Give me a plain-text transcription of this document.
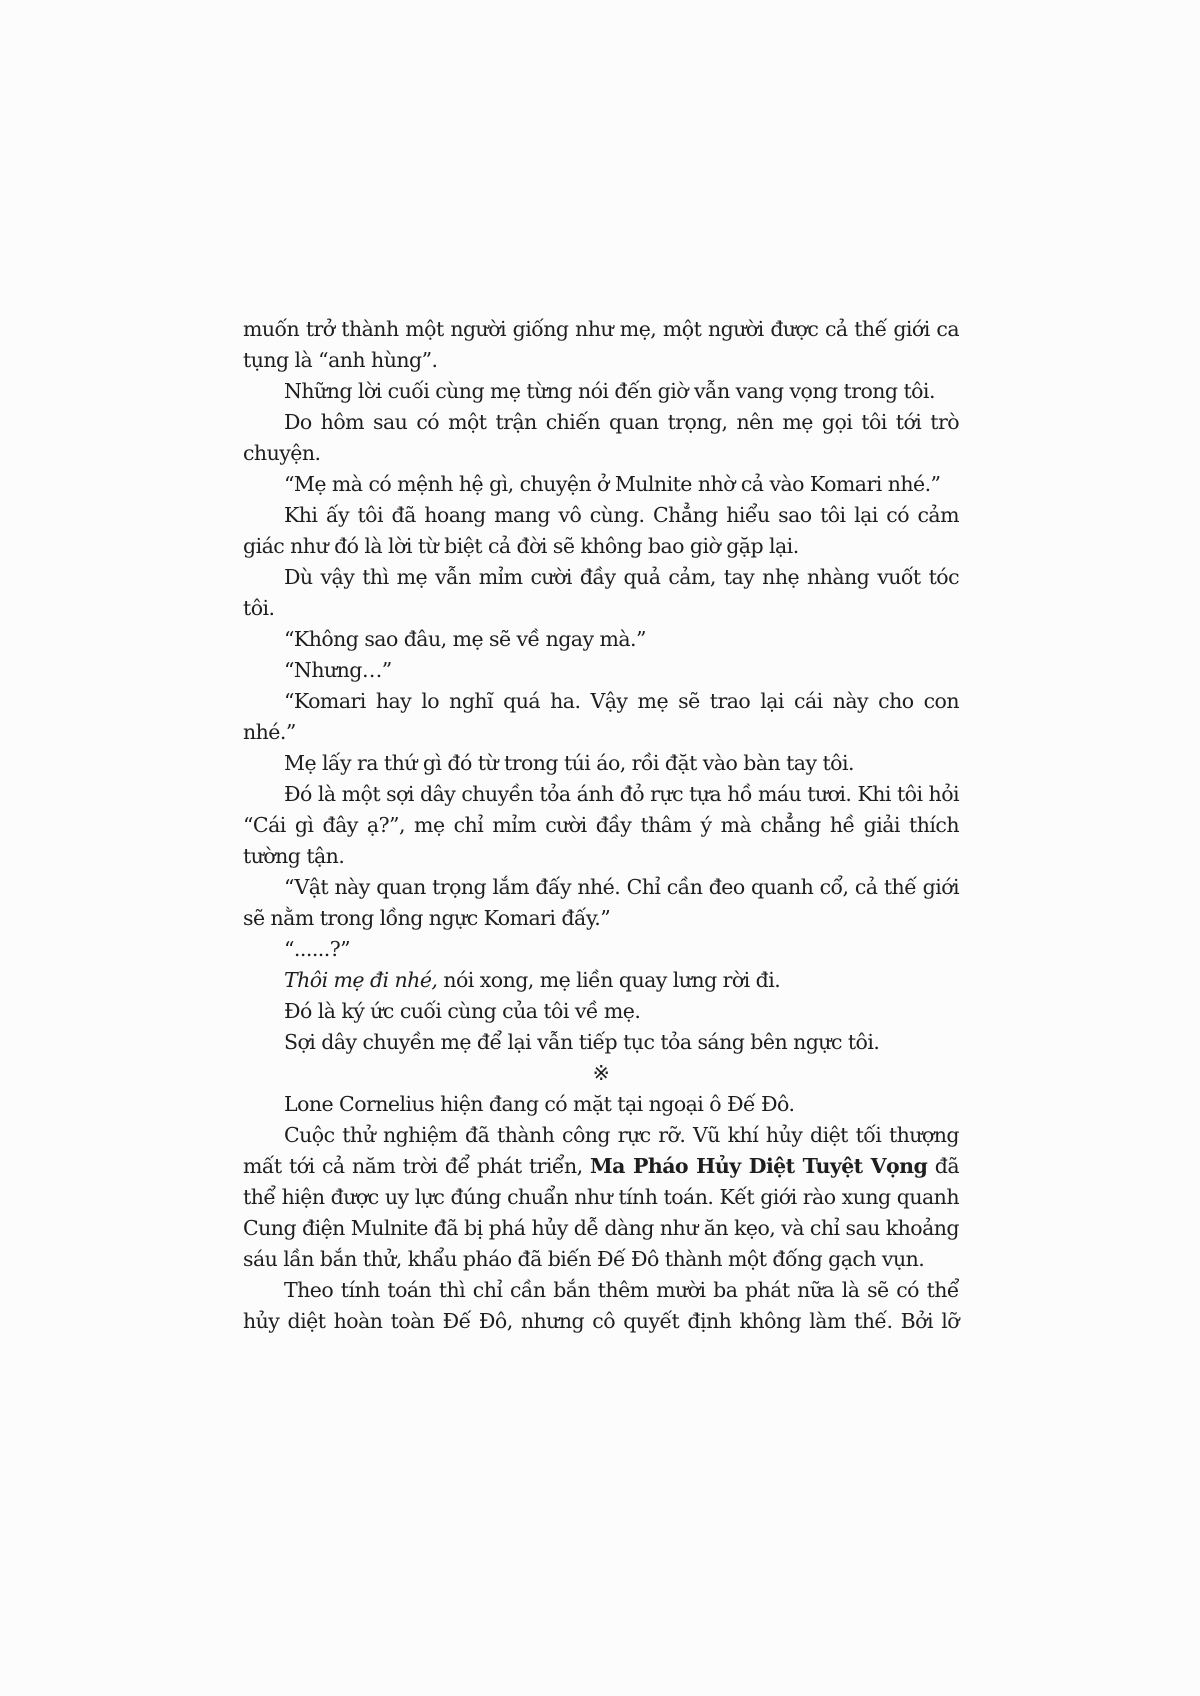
muốn trở thành một người giống như mẹ, một người được cả thế giới ca tụng là “anh hùng”.

Những lời cuối cùng mẹ từng nói đến giờ vẫn vang vọng trong tôi.

Do hôm sau có một trận chiến quan trọng, nên mẹ gọi tôi tới trò chuyện.

“Mẹ mà có mệnh hệ gì, chuyện ở Mulnite nhờ cả vào Komari nhé.”

Khi ấy tôi đã hoang mang vô cùng. Chẳng hiểu sao tôi lại có cảm giác như đó là lời từ biệt cả đời sẽ không bao giờ gặp lại.

Dù vậy thì mẹ vẫn mỉm cười đầy quả cảm, tay nhẹ nhàng vuốt tóc tôi.

“Không sao đâu, mẹ sẽ về ngay mà.”

“Nhưng…”

“Komari hay lo nghĩ quá ha. Vậy mẹ sẽ trao lại cái này cho con nhé.”

Mẹ lấy ra thứ gì đó từ trong túi áo, rồi đặt vào bàn tay tôi.

Đó là một sợi dây chuyền tỏa ánh đỏ rực tựa hồ máu tươi. Khi tôi hỏi “Cái gì đây ạ?”, mẹ chỉ mỉm cười đầy thâm ý mà chẳng hề giải thích tường tận.

“Vật này quan trọng lắm đấy nhé. Chỉ cần đeo quanh cổ, cả thế giới sẽ nằm trong lồng ngực Komari đấy.”

“......?”

Thôi mẹ đi nhé, nói xong, mẹ liền quay lưng rời đi.

Đó là ký ức cuối cùng của tôi về mẹ.

Sợi dây chuyền mẹ để lại vẫn tiếp tục tỏa sáng bên ngực tôi.

※

Lone Cornelius hiện đang có mặt tại ngoại ô Đế Đô.

Cuộc thử nghiệm đã thành công rực rỡ. Vũ khí hủy diệt tối thượng mất tới cả năm trời để phát triển, Ma Pháo Hủy Diệt Tuyệt Vọng đã thể hiện được uy lực đúng chuẩn như tính toán. Kết giới rào xung quanh Cung điện Mulnite đã bị phá hủy dễ dàng như ăn kẹo, và chỉ sau khoảng sáu lần bắn thử, khẩu pháo đã biến Đế Đô thành một đống gạch vụn.

Theo tính toán thì chỉ cần bắn thêm mười ba phát nữa là sẽ có thể hủy diệt hoàn toàn Đế Đô, nhưng cô quyết định không làm thế. Bởi lỡ
